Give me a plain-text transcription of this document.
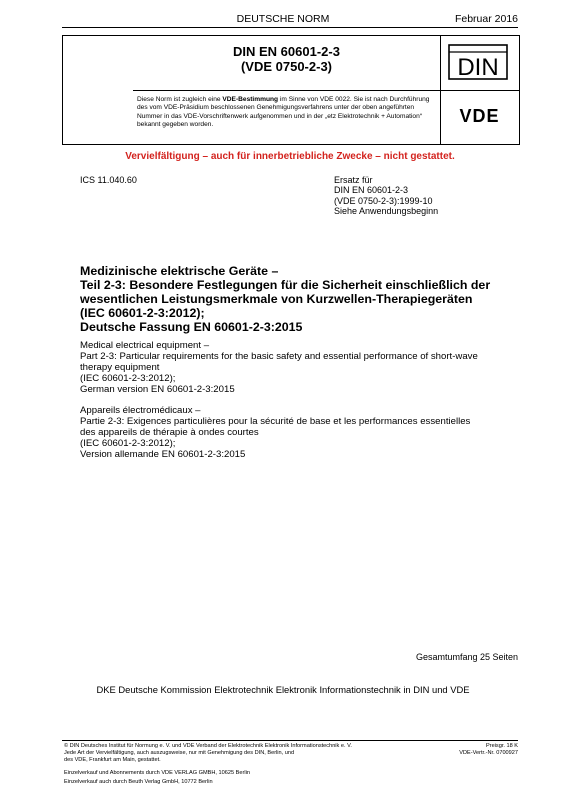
DEUTSCHE NORM	Februar 2016
DIN EN 60601-2-3
(VDE 0750-2-3)
Diese Norm ist zugleich eine VDE-Bestimmung im Sinne von VDE 0022. Sie ist nach Durchführung des vom VDE-Präsidium beschlossenen Genehmigungsverfahrens unter der oben angeführten Nummer in das VDE-Vorschriftenwerk aufgenommen und in der „etz Elektrotechnik + Automation“ bekannt gegeben worden.
DIN
VDE
Vervielfältigung – auch für innerbetriebliche Zwecke – nicht gestattet.
ICS 11.040.60	Ersatz für
DIN EN 60601-2-3
(VDE 0750-2-3):1999-10
Siehe Anwendungsbeginn
Medizinische elektrische Geräte –
Teil 2-3: Besondere Festlegungen für die Sicherheit einschließlich der
wesentlichen Leistungsmerkmale von Kurzwellen-Therapiegeräten
(IEC 60601-2-3:2012);
Deutsche Fassung EN 60601-2-3:2015
Medical electrical equipment –
Part 2-3: Particular requirements for the basic safety and essential performance of short-wave
therapy equipment
(IEC 60601-2-3:2012);
German version EN 60601-2-3:2015
Appareils électromédicaux –
Partie 2-3: Exigences particulières pour la sécurité de base et les performances essentielles
des appareils de thérapie à ondes courtes
(IEC 60601-2-3:2012);
Version allemande EN 60601-2-3:2015
Gesamtumfang 25 Seiten
DKE Deutsche Kommission Elektrotechnik Elektronik Informationstechnik in DIN und VDE
© DIN Deutsches Institut für Normung e. V. und VDE Verband der Elektrotechnik Elektronik Informationstechnik e. V.
Jede Art der Vervielfältigung, auch auszugsweise, nur mit Genehmigung des DIN, Berlin, und
des VDE, Frankfurt am Main, gestattet.
Preisgr. 18 K
VDE-Vertr.-Nr. 0700927
Einzelverkauf und Abonnements durch VDE VERLAG GMBH, 10625 Berlin
Einzelverkauf auch durch Beuth Verlag GmbH, 10772 Berlin
